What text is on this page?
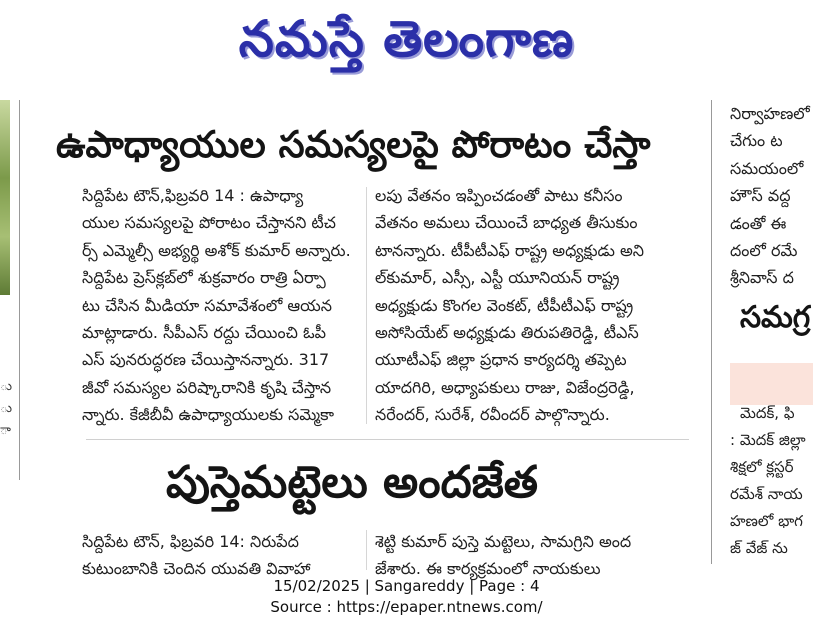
నమస్తే తెలంగాణ
ు
ు
ా
ఉపాధ్యాయుల సమస్యలపై పోరాటం చేస్తా
సిద్దిపేట టౌన్,ఫిబ్రవరి 14 : ఉపాధ్యా
యుల సమస్యలపై పోరాటం చేస్తానని టీచ
ర్స్ ఎమ్మెల్సీ అభ్యర్థి అశోక్ కుమార్ అన్నారు.
సిద్దిపేట ప్రెస్‌క్లబ్‌లో శుక్రవారం రాత్రి ఏర్పా
టు చేసిన మీడియా సమావేశంలో ఆయన
మాట్లాడారు. సీపీఎస్ రద్దు చేయించి ఓపీ
ఎస్ పునరుద్ధరణ చేయిస్తానన్నారు. 317
జీవో సమస్యల పరిష్కారానికి కృషి చేస్తాన
న్నారు. కేజీబీవీ ఉపాధ్యాయులకు సమ్మెకా
లపు వేతనం ఇప్పించడంతో పాటు కనీసం
వేతనం అమలు చేయించే బాధ్యత తీసుకుం
టానన్నారు. టీపీటీఎఫ్ రాష్ట్ర అధ్యక్షుడు అని
ల్‌కుమార్, ఎస్సీ, ఎస్టీ యూనియన్ రాష్ట్ర
అధ్యక్షుడు కొంగల వెంకట్, టీపీటీఎఫ్ రాష్ట్ర
అసోసియేట్ అధ్యక్షుడు తిరుపతిరెడ్డి, టీఎస్
యూటీఎఫ్ జిల్లా ప్రధాన కార్యదర్శి తప్పెట
యాదగిరి, అధ్యాపకులు రాజు, విజేంద్రరెడ్డి,
నరేందర్, సురేశ్, రవీందర్ పాల్గొన్నారు.
పుస్తెమట్టెలు అందజేత
సిద్దిపేట టౌన్, ఫిబ్రవరి 14: నిరుపేద
కుటుంబానికి చెందిన యువతి వివాహా
శెట్టి కుమార్ పుస్తె మట్టెలు, సామగ్రిని అంద
జేశారు. ఈ కార్యక్రమంలో నాయకులు
నిర్వాహణలో
చేగుం ట
సమయంలో
హౌస్ వద్ద
డంతో ఈ
దంలో రమే
శ్రీనివాస్ ద
సమగ్ర
మెదక్, ఫి
: మెదక్ జిల్లా
శిక్షలో క్లస్టర్
రమేశ్ నాయ
హణలో భాగ
జ్ వేజ్ ను
15/02/2025 | Sangareddy | Page : 4
Source : https://epaper.ntnews.com/
